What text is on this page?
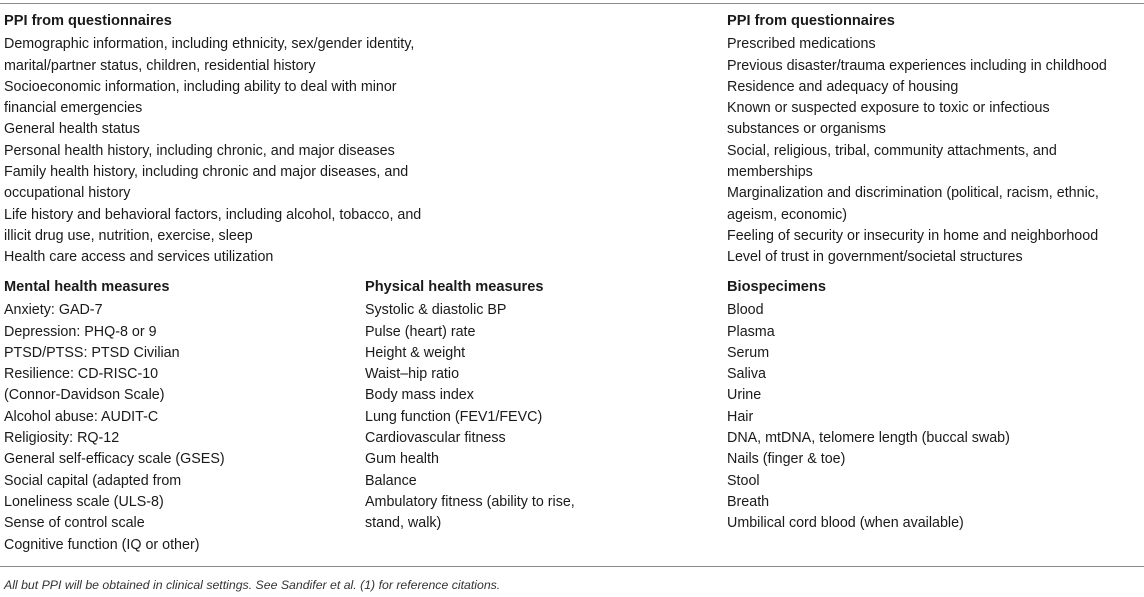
PPI from questionnaires
Demographic information, including ethnicity, sex/gender identity,
marital/partner status, children, residential history
Socioeconomic information, including ability to deal with minor
financial emergencies
General health status
Personal health history, including chronic, and major diseases
Family health history, including chronic and major diseases, and
occupational history
Life history and behavioral factors, including alcohol, tobacco, and
illicit drug use, nutrition, exercise, sleep
Health care access and services utilization
PPI from questionnaires
Prescribed medications
Previous disaster/trauma experiences including in childhood
Residence and adequacy of housing
Known or suspected exposure to toxic or infectious
substances or organisms
Social, religious, tribal, community attachments, and
memberships
Marginalization and discrimination (political, racism, ethnic,
ageism, economic)
Feeling of security or insecurity in home and neighborhood
Level of trust in government/societal structures
Mental health measures
Anxiety: GAD-7
Depression: PHQ-8 or 9
PTSD/PTSS: PTSD Civilian
Resilience: CD-RISC-10
(Connor-Davidson Scale)
Alcohol abuse: AUDIT-C
Religiosity: RQ-12
General self-efficacy scale (GSES)
Social capital (adapted from
Loneliness scale (ULS-8)
Sense of control scale
Cognitive function (IQ or other)
Physical health measures
Systolic & diastolic BP
Pulse (heart) rate
Height & weight
Waist–hip ratio
Body mass index
Lung function (FEV1/FEVC)
Cardiovascular fitness
Gum health
Balance
Ambulatory fitness (ability to rise,
stand, walk)
Biospecimens
Blood
Plasma
Serum
Saliva
Urine
Hair
DNA, mtDNA, telomere length (buccal swab)
Nails (finger & toe)
Stool
Breath
Umbilical cord blood (when available)
All but PPI will be obtained in clinical settings. See Sandifer et al. (1) for reference citations.
